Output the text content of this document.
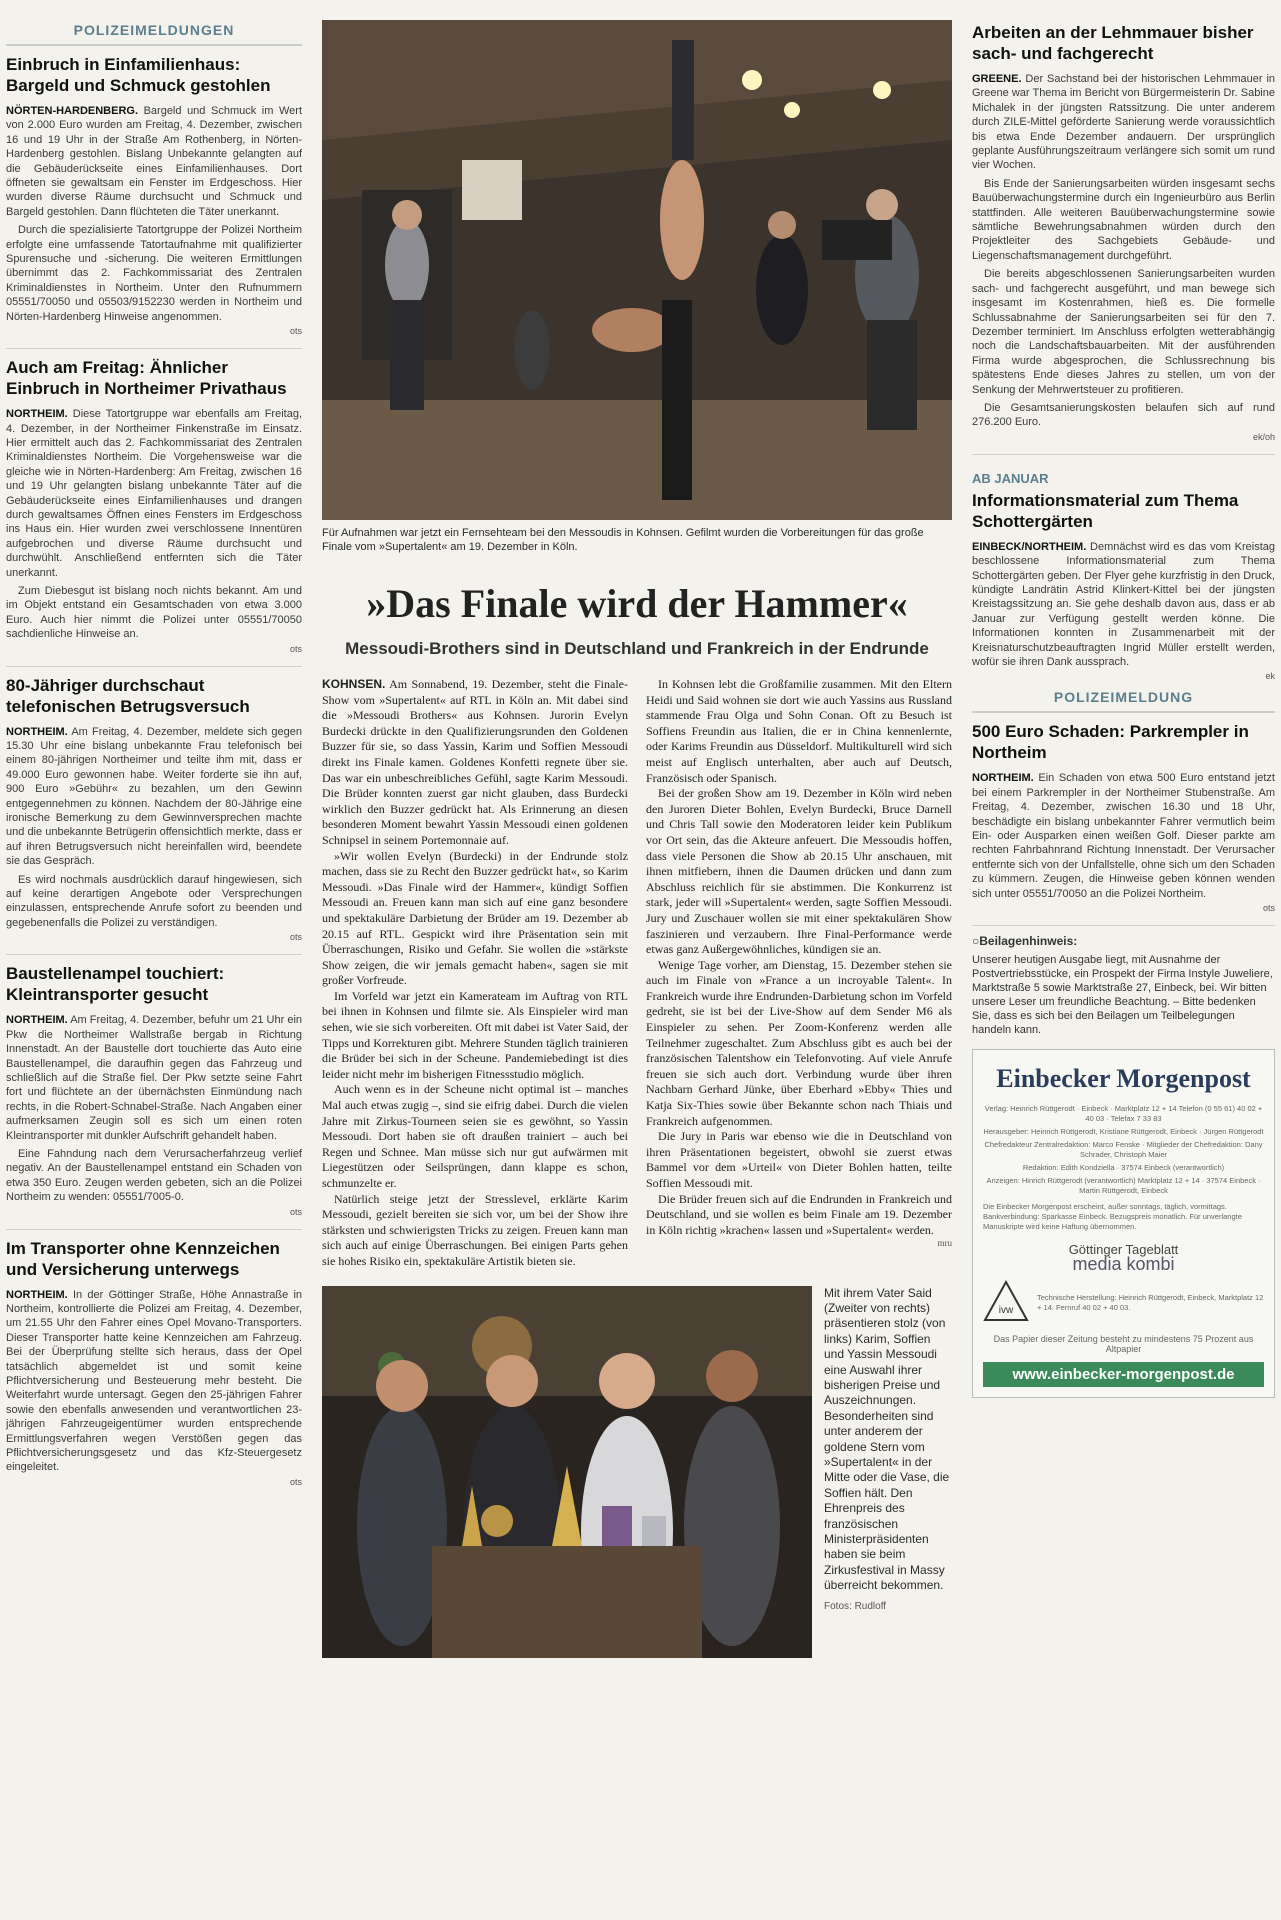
POLIZEIMELDUNGEN
Einbruch in Einfamilienhaus: Bargeld und Schmuck gestohlen

NÖRTEN-HARDENBERG. Bargeld und Schmuck im Wert von 2.000 Euro wurden am Freitag, 4. Dezember, zwischen 16 und 19 Uhr in der Straße Am Rothenberg, in Nörten-Hardenberg gestohlen. Bislang Unbekannte gelangten auf die Gebäuderückseite eines Einfamilienhauses. Dort öffneten sie gewaltsam ein Fenster im Erdgeschoss. Hier wurden diverse Räume durchsucht und Schmuck und Bargeld gestohlen. Dann flüchteten die Täter unerkannt.

Durch die spezialisierte Tatortgruppe der Polizei Northeim erfolgte eine umfassende Tatortaufnahme mit qualifizierter Spurensuche und -sicherung. Die weiteren Ermittlungen übernimmt das 2. Fachkommissariat des Zentralen Kriminaldienstes in Northeim. Unter den Rufnummern 05551/70050 und 05503/9152230 werden in Northeim und Nörten-Hardenberg Hinweise angenommen.

ots
Auch am Freitag: Ähnlicher Einbruch in Northeimer Privathaus

NORTHEIM. Diese Tatortgruppe war ebenfalls am Freitag, 4. Dezember, in der Northeimer Finkenstraße im Einsatz. Hier ermittelt auch das 2. Fachkommissariat des Zentralen Kriminaldienstes Northeim. Die Vorgehensweise war die gleiche wie in Nörten-Hardenberg: Am Freitag, zwischen 16 und 19 Uhr gelangten bislang unbekannte Täter auf die Gebäuderückseite eines Einfamilienhauses und drangen durch gewaltsames Öffnen eines Fensters im Erdgeschoss ins Haus ein. Hier wurden zwei verschlossene Innentüren aufgebrochen und diverse Räume durchsucht und durchwühlt. Anschließend entfernten sich die Täter unerkannt.

Zum Diebesgut ist bislang noch nichts bekannt. Am und im Objekt entstand ein Gesamtschaden von etwa 3.000 Euro. Auch hier nimmt die Polizei unter 05551/70050 sachdienliche Hinweise an.

ots
80-Jähriger durchschaut telefonischen Betrugsversuch

NORTHEIM. Am Freitag, 4. Dezember, meldete sich gegen 15.30 Uhr eine bislang unbekannte Frau telefonisch bei einem 80-jährigen Northeimer und teilte ihm mit, dass er 49.000 Euro gewonnen habe. Weiter forderte sie ihn auf, 900 Euro »Gebühr« zu bezahlen, um den Gewinn entgegennehmen zu können. Nachdem der 80-Jährige eine ironische Bemerkung zu dem Gewinnversprechen machte und die unbekannte Betrügerin offensichtlich merkte, dass er auf ihren Betrugsversuch nicht hereinfallen wird, beendete sie das Gespräch.

Es wird nochmals ausdrücklich darauf hingewiesen, sich auf keine derartigen Angebote oder Versprechungen einzulassen, entsprechende Anrufe sofort zu beenden und gegebenenfalls die Polizei zu verständigen.

ots
Baustellenampel touchiert: Kleintransporter gesucht

NORTHEIM. Am Freitag, 4. Dezember, befuhr um 21 Uhr ein Pkw die Northeimer Wallstraße bergab in Richtung Innenstadt. An der Baustelle dort touchierte das Auto eine Baustellenampel, die daraufhin gegen das Fahrzeug und schließlich auf die Straße fiel. Der Pkw setzte seine Fahrt fort und flüchtete an der übernächsten Einmündung nach rechts, in die Robert-Schnabel-Straße. Nach Angaben einer aufmerksamen Zeugin soll es sich um einen roten Kleintransporter mit dunkler Aufschrift gehandelt haben.

Eine Fahndung nach dem Verursacherfahrzeug verlief negativ. An der Baustellenampel entstand ein Schaden von etwa 350 Euro. Zeugen werden gebeten, sich an die Polizei Northeim zu wenden: 05551/7005-0.

ots
Im Transporter ohne Kennzeichen und Versicherung unterwegs

NORTHEIM. In der Göttinger Straße, Höhe Annastraße in Northeim, kontrollierte die Polizei am Freitag, 4. Dezember, um 21.55 Uhr den Fahrer eines Opel Movano-Transporters. Dieser Transporter hatte keine Kennzeichen am Fahrzeug. Bei der Überprüfung stellte sich heraus, dass der Opel tatsächlich abgemeldet ist und somit keine Pflichtversicherung und Besteuerung mehr besteht. Die Weiterfahrt wurde untersagt. Gegen den 25-jährigen Fahrer sowie den ebenfalls anwesenden und verantwortlichen 23-jährigen Fahrzeugeigentümer wurden entsprechende Ermittlungsverfahren wegen Verstößen gegen das Pflichtversicherungsgesetz und das Kfz-Steuergesetz eingeleitet.

ots

Für Aufnahmen war jetzt ein Fernsehteam bei den Messoudis in Kohnsen. Gefilmt wurden die Vorbereitungen für das große Finale vom »Supertalent« am 19. Dezember in Köln.

»Das Finale wird der Hammer«
Messoudi-Brothers sind in Deutschland und Frankreich in der Endrunde

KOHNSEN. Am Sonnabend, 19. Dezember, steht die Finale-Show vom »Supertalent« auf RTL in Köln an. Mit dabei sind die »Messoudi Brothers« aus Kohnsen. Jurorin Evelyn Burdecki drückte in den Qualifizierungsrunden den Goldenen Buzzer für sie, so dass Yassin, Karim und Soffien Messoudi direkt ins Finale kamen. Goldenes Konfetti regnete über sie. Das war ein unbeschreibliches Gefühl, sagte Karim Messoudi. Die Brüder konnten zuerst gar nicht glauben, dass Burdecki wirklich den Buzzer gedrückt hat. Als Erinnerung an diesen besonderen Moment bewahrt Yassin Messoudi einen goldenen Schnipsel in seinem Portemonnaie auf.

»Wir wollen Evelyn (Burdecki) in der Endrunde stolz machen, dass sie zu Recht den Buzzer gedrückt hat«, so Karim Messoudi. »Das Finale wird der Hammer«, kündigt Soffien Messoudi an. Freuen kann man sich auf eine ganz besondere und spektakuläre Darbietung der Brüder am 19. Dezember ab 20.15 auf RTL. Gespickt wird ihre Präsentation sein mit Überraschungen, Risiko und Gefahr. Sie wollen die »stärkste Show zeigen, die wir jemals gemacht haben«, sagen sie mit großer Vorfreude.

Im Vorfeld war jetzt ein Kamerateam im Auftrag von RTL bei ihnen in Kohnsen und filmte sie. Als Einspieler wird man sehen, wie sie sich vorbereiten. Oft mit dabei ist Vater Said, der Tipps und Korrekturen gibt. Mehrere Stunden täglich trainieren die Brüder bei sich in der Scheune. Pandemiebedingt ist dies leider nicht mehr im bisherigen Fitnessstudio möglich.

Auch wenn es in der Scheune nicht optimal ist – manches Mal auch etwas zugig –, sind sie eifrig dabei. Durch die vielen Jahre mit Zirkus-Tourneen seien sie es gewöhnt, so Yassin Messoudi. Dort haben sie oft draußen trainiert – auch bei Regen und Schnee. Man müsse sich nur gut aufwärmen mit Liegestützen oder Seilsprüngen, dann klappe es schon, schmunzelte er.

Natürlich steige jetzt der Stresslevel, erklärte Karim Messoudi, gezielt bereiten sie sich vor, um bei der Show ihre stärksten und schwierigsten Tricks zu zeigen. Freuen kann man sich auch auf einige Überraschungen. Bei einigen Parts gehen sie hohes Risiko ein, spektakuläre Artistik bieten sie.

In Kohnsen lebt die Großfamilie zusammen. Mit den Eltern Heidi und Said wohnen sie dort wie auch Yassins aus Russland stammende Frau Olga und Sohn Conan. Oft zu Besuch ist Soffiens Freundin aus Italien, die er in China kennenlernte, oder Karims Freundin aus Düsseldorf. Multikulturell wird sich meist auf Englisch unterhalten, aber auch auf Deutsch, Französisch oder Spanisch.

Bei der großen Show am 19. Dezember in Köln wird neben den Juroren Dieter Bohlen, Evelyn Burdecki, Bruce Darnell und Chris Tall sowie den Moderatoren leider kein Publikum vor Ort sein, das die Akteure anfeuert. Die Messoudis hoffen, dass viele Personen die Show ab 20.15 Uhr anschauen, mit ihnen mitfiebern, ihnen die Daumen drücken und dann zum Abschluss reichlich für sie abstimmen. Die Konkurrenz ist stark, jeder will »Supertalent« werden, sagte Soffien Messoudi. Jury und Zuschauer wollen sie mit einer spektakulären Show faszinieren und verzaubern. Ihre Final-Performance werde etwas ganz Außergewöhnliches, kündigen sie an.

Wenige Tage vorher, am Dienstag, 15. Dezember stehen sie auch im Finale von »France a un incroyable Talent«. In Frankreich wurde ihre Endrunden-Darbietung schon im Vorfeld gedreht, sie ist bei der Live-Show auf dem Sender M6 als Einspieler zu sehen. Per Zoom-Konferenz werden alle Teilnehmer zugeschaltet. Zum Abschluss gibt es auch bei der französischen Talentshow ein Telefonvoting. Auf viele Anrufe freuen sie sich auch dort. Verbindung wurde über ihren Nachbarn Gerhard Jünke, über Eberhard »Ebby« Thies und Katja Six-Thies sowie über Bekannte schon nach Thiais und Frankreich aufgenommen.

Die Jury in Paris war ebenso wie die in Deutschland von ihren Präsentationen begeistert, obwohl sie zuerst etwas Bammel vor dem »Urteil« von Dieter Bohlen hatten, teilte Soffien Messoudi mit.

Die Brüder freuen sich auf die Endrunden in Frankreich und Deutschland, und sie wollen es beim Finale am 19. Dezember in Köln richtig »krachen« lassen und »Supertalent« werden.

mru

Mit ihrem Vater Said (Zweiter von rechts) präsentieren stolz (von links) Karim, Soffien und Yassin Messoudi eine Auswahl ihrer bisherigen Preise und Auszeichnungen. Besonderheiten sind unter anderem der goldene Stern vom »Supertalent« in der Mitte oder die Vase, die Soffien hält. Den Ehrenpreis des französischen Ministerpräsidenten haben sie beim Zirkusfestival in Massy überreicht bekommen.

Fotos: Rudloff

Arbeiten an der Lehmmauer bisher sach- und fachgerecht

GREENE. Der Sachstand bei der historischen Lehmmauer in Greene war Thema im Bericht von Bürgermeisterin Dr. Sabine Michalek in der jüngsten Ratssitzung. Die unter anderem durch ZILE-Mittel geförderte Sanierung werde voraussichtlich bis etwa Ende Dezember andauern. Der ursprünglich geplante Ausführungszeitraum verlängere sich somit um rund vier Wochen.

Bis Ende der Sanierungsarbeiten würden insgesamt sechs Bauüberwachungstermine durch ein Ingenieurbüro aus Berlin stattfinden. Alle weiteren Bauüberwachungstermine sowie sämtliche Bewehrungsabnahmen würden durch den Projektleiter des Sachgebiets Gebäude- und Liegenschaftsmanagement durchgeführt.

Die bereits abgeschlossenen Sanierungsarbeiten wurden sach- und fachgerecht ausgeführt, und man bewege sich insgesamt im Kostenrahmen, hieß es. Die formelle Schlussabnahme der Sanierungsarbeiten sei für den 7. Dezember terminiert. Im Anschluss erfolgten wetterabhängig noch die Landschaftsbauarbeiten. Mit der ausführenden Firma wurde abgesprochen, die Schlussrechnung bis spätestens Ende dieses Jahres zu stellen, um von der Senkung der Mehrwertsteuer zu profitieren.

Die Gesamtsanierungskosten belaufen sich auf rund 276.200 Euro.

ek/oh
AB JANUAR
Informationsmaterial zum Thema Schottergärten

EINBECK/NORTHEIM. Demnächst wird es das vom Kreistag beschlossene Informationsmaterial zum Thema Schottergärten geben. Der Flyer gehe kurzfristig in den Druck, kündigte Landrätin Astrid Klinkert-Kittel bei der jüngsten Kreistagssitzung an. Sie gehe deshalb davon aus, dass er ab Januar zur Verfügung gestellt werden könne. Die Informationen konnten in Zusammenarbeit mit der Kreisnaturschutzbeauftragten Ingrid Müller erstellt werden, wofür sie ihren Dank aussprach.

ek
POLIZEIMELDUNG
500 Euro Schaden: Parkrempler in Northeim

NORTHEIM. Ein Schaden von etwa 500 Euro entstand jetzt bei einem Parkrempler in der Northeimer Stubenstraße. Am Freitag, 4. Dezember, zwischen 16.30 und 18 Uhr, beschädigte ein bislang unbekannter Fahrer vermutlich beim Ein- oder Ausparken einen weißen Golf. Dieser parkte am rechten Fahrbahnrand Richtung Innenstadt. Der Verursacher entfernte sich von der Unfallstelle, ohne sich um den Schaden zu kümmern. Zeugen, die Hinweise geben können wenden sich unter 05551/70050 an die Polizei Northeim.

ots
○Beilagenhinweis:

Unserer heutigen Ausgabe liegt, mit Ausnahme der Postvertriebsstücke, ein Prospekt der Firma Instyle Juweliere, Marktstraße 5 sowie Marktstraße 27, Einbeck, bei. Wir bitten unsere Leser um freundliche Beachtung. – Bitte bedenken Sie, dass es sich bei den Beilagen um Teilbelegungen handeln kann.

Einbecker Morgenpost
Verlag: Heinrich Rüttgerodt · Einbeck · Marktplatz 12 + 14 Telefon (0 55 61) 40 02 + 40 03 · Telefax 7 33 83
Herausgeber: Heinrich Rüttgerodt, Kristiane Rüttgerodt, Einbeck · Jürgen Rüttgerodt
Chefredakteur Zentralredaktion: Marco Fenske · Mitglieder der Chefredaktion: Dany Schrader, Christoph Maier
Redaktion: Edith Kondziella · 37574 Einbeck (verantwortlich)
Anzeigen: Hinrich Rüttgerodt (verantwortlich) Marktplatz 12 + 14 · 37574 Einbeck · Martin Rüttgerodt, Einbeck
Die Einbecker Morgenpost erscheint, außer sonntags, täglich, vormittags. Bankverbindung: Sparkasse Einbeck. Bezugspreis monatlich. Für unverlangte Manuskripte wird keine Haftung übernommen.
Göttinger Tageblatt
media kombi
ivw
Technische Herstellung: Heinrich Rüttgerodt, Einbeck, Marktplatz 12 + 14. Fernruf 40 02 + 40 03.
Das Papier dieser Zeitung besteht zu mindestens 75 Prozent aus Altpapier
www.einbecker-morgenpost.de
